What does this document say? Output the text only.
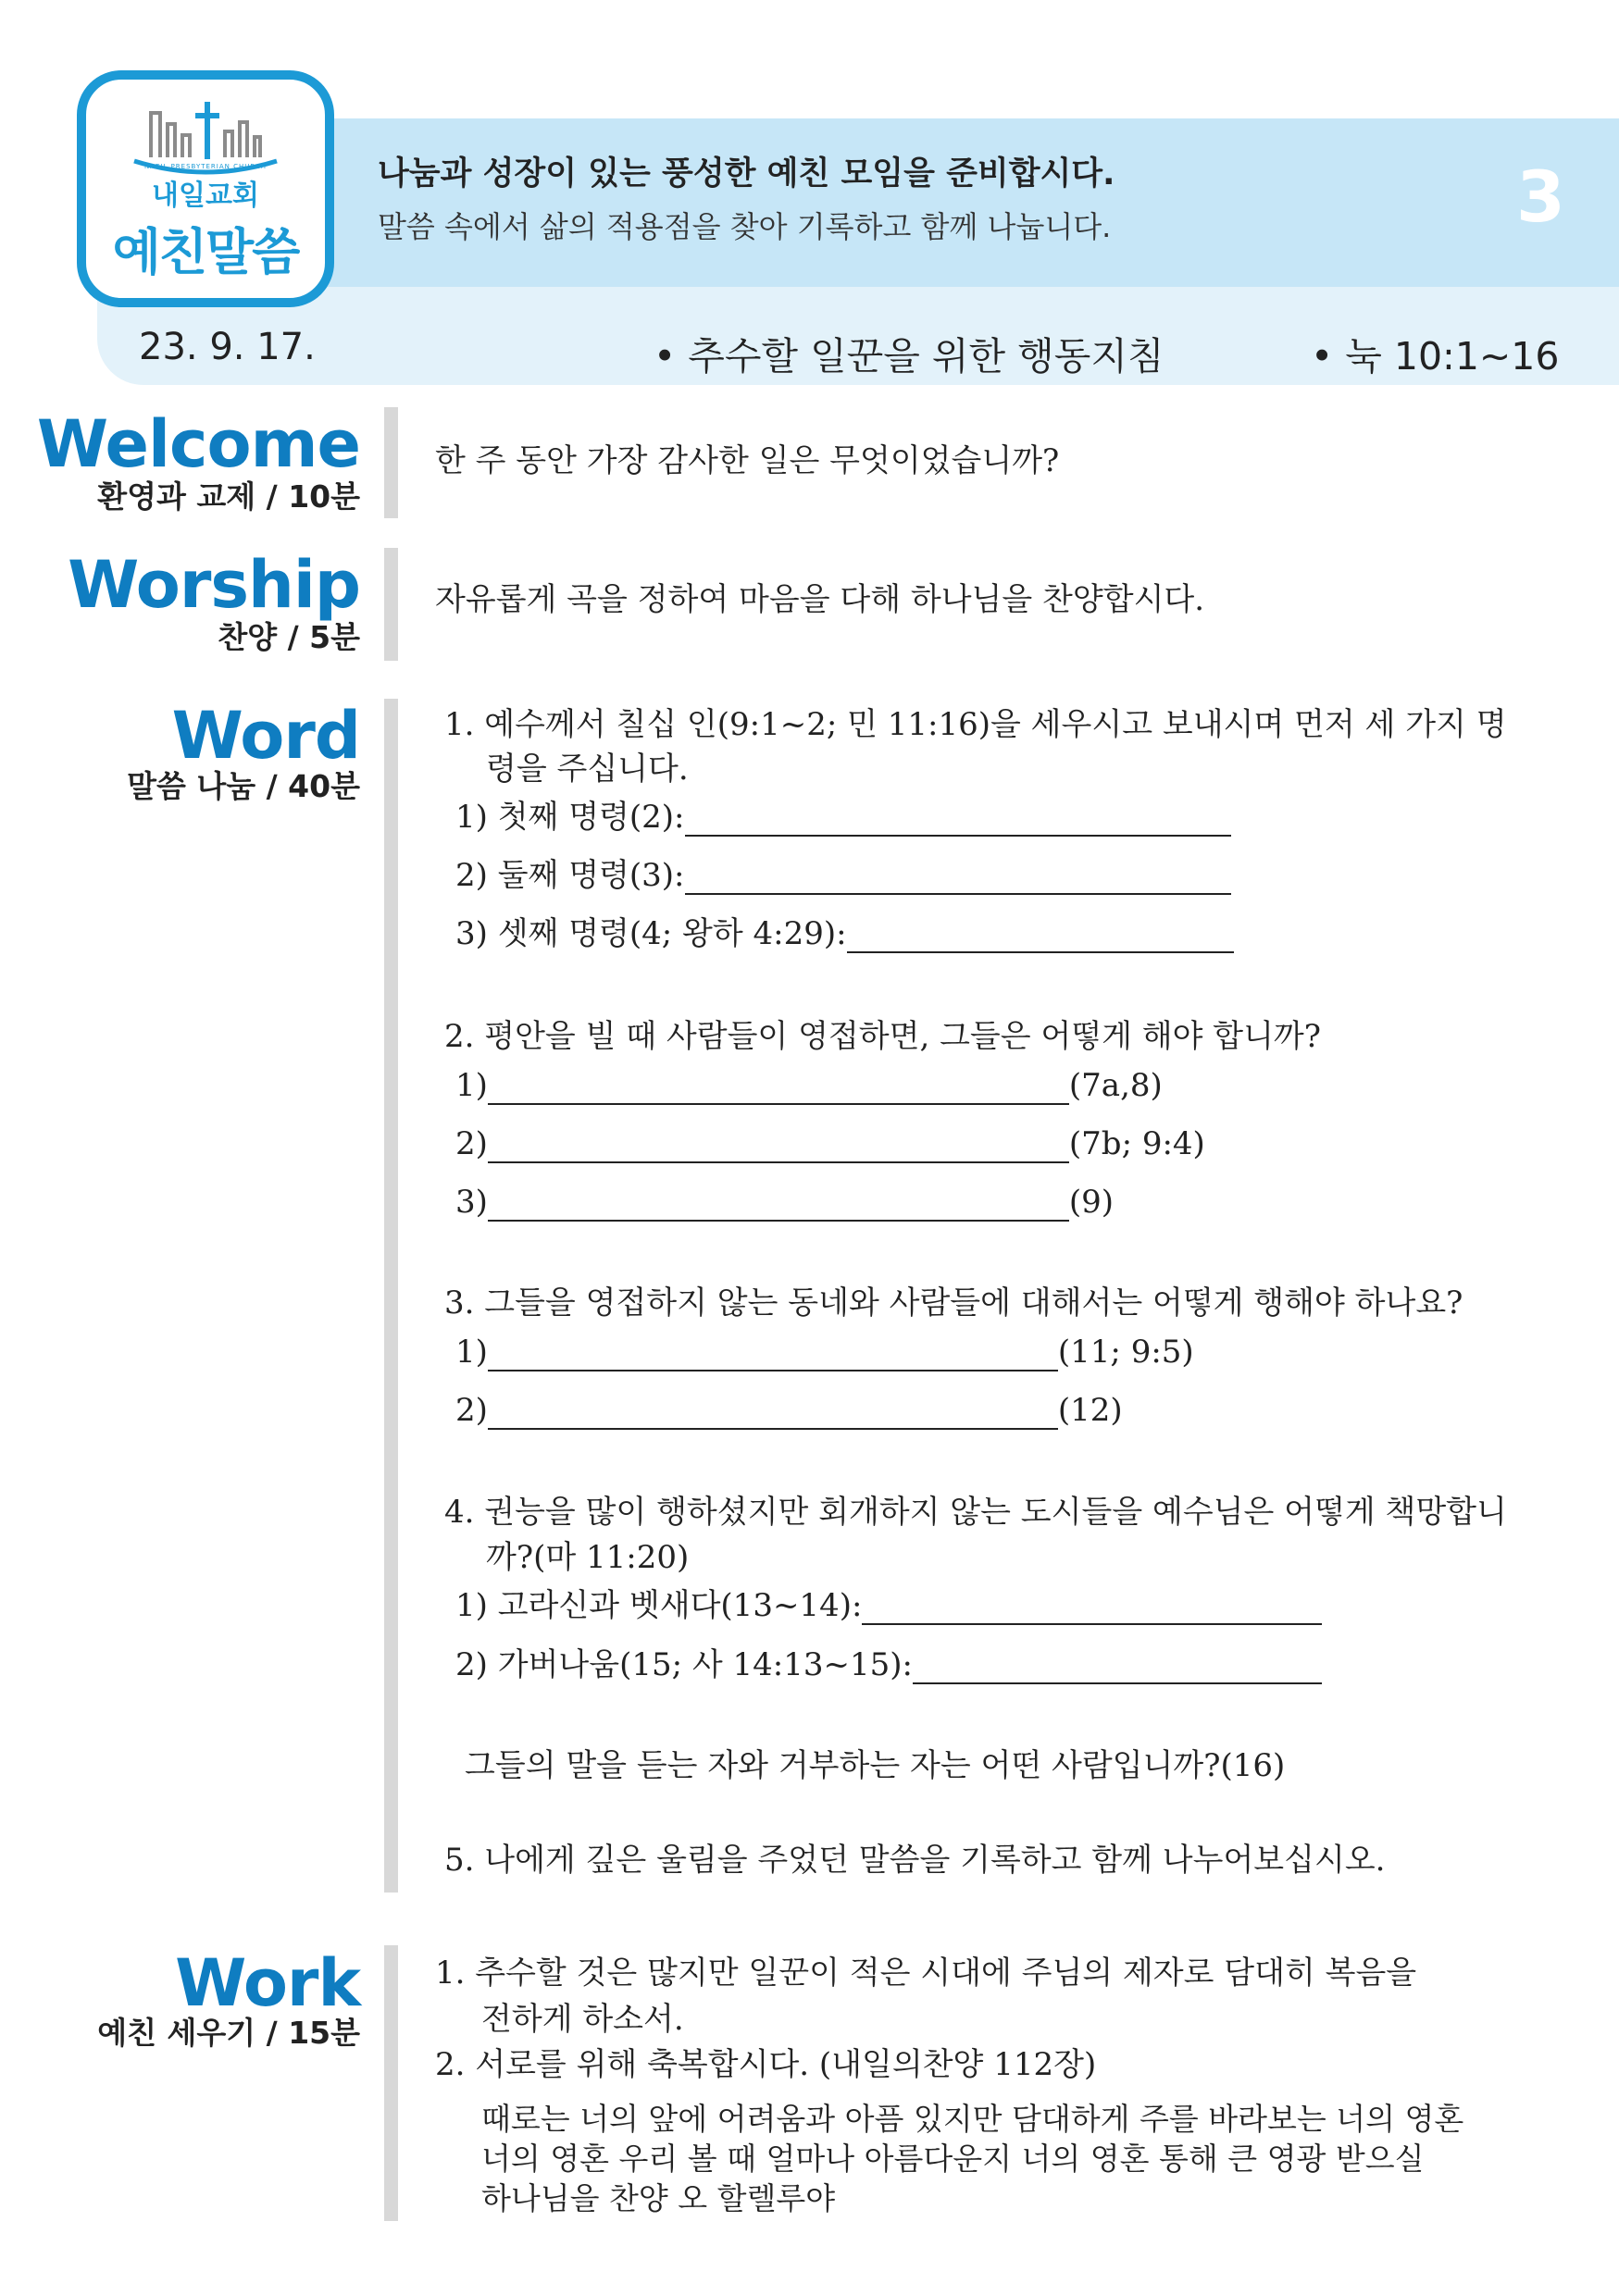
NAEIL PRESBYTERIAN CHURCH
내일교회
예친말씀
나눔과 성장이 있는 풍성한 예친 모임을 준비합시다.
말씀 속에서 삶의 적용점을 찾아 기록하고 함께 나눕니다.	3
23. 9. 17.	• 추수할 일꾼을 위한 행동지침	• 눅 10:1~16
Welcome
환영과 교제 / 10분
한 주 동안 가장 감사한 일은 무엇이었습니까?
Worship
찬양 / 5분
자유롭게 곡을 정하여 마음을 다해 하나님을 찬양합시다.
Word
말씀 나눔 / 40분
1. 예수께서 칠십 인(9:1~2; 민 11:16)을 세우시고 보내시며 먼저 세 가지 명
령을 주십니다.
1) 첫째 명령(2):
2) 둘째 명령(3):
3) 셋째 명령(4; 왕하 4:29):
2. 평안을 빌 때 사람들이 영접하면, 그들은 어떻게 해야 합니까?
1)	(7a,8)
2)	(7b; 9:4)
3)	(9)
3. 그들을 영접하지 않는 동네와 사람들에 대해서는 어떻게 행해야 하나요?
1)	(11; 9:5)
2)	(12)
4. 권능을 많이 행하셨지만 회개하지 않는 도시들을 예수님은 어떻게 책망합니
까?(마 11:20)
1) 고라신과 벳새다(13~14):
2) 가버나움(15; 사 14:13~15):
그들의 말을 듣는 자와 거부하는 자는 어떤 사람입니까?(16)
5. 나에게 깊은 울림을 주었던 말씀을 기록하고 함께 나누어보십시오.
Work
예친 세우기 / 15분
1. 추수할 것은 많지만 일꾼이 적은 시대에 주님의 제자로 담대히 복음을
전하게 하소서.
2. 서로를 위해 축복합시다. (내일의찬양 112장)
때로는 너의 앞에 어려움과 아픔 있지만 담대하게 주를 바라보는 너의 영혼
너의 영혼 우리 볼 때 얼마나 아름다운지 너의 영혼 통해 큰 영광 받으실
하나님을 찬양 오 할렐루야
